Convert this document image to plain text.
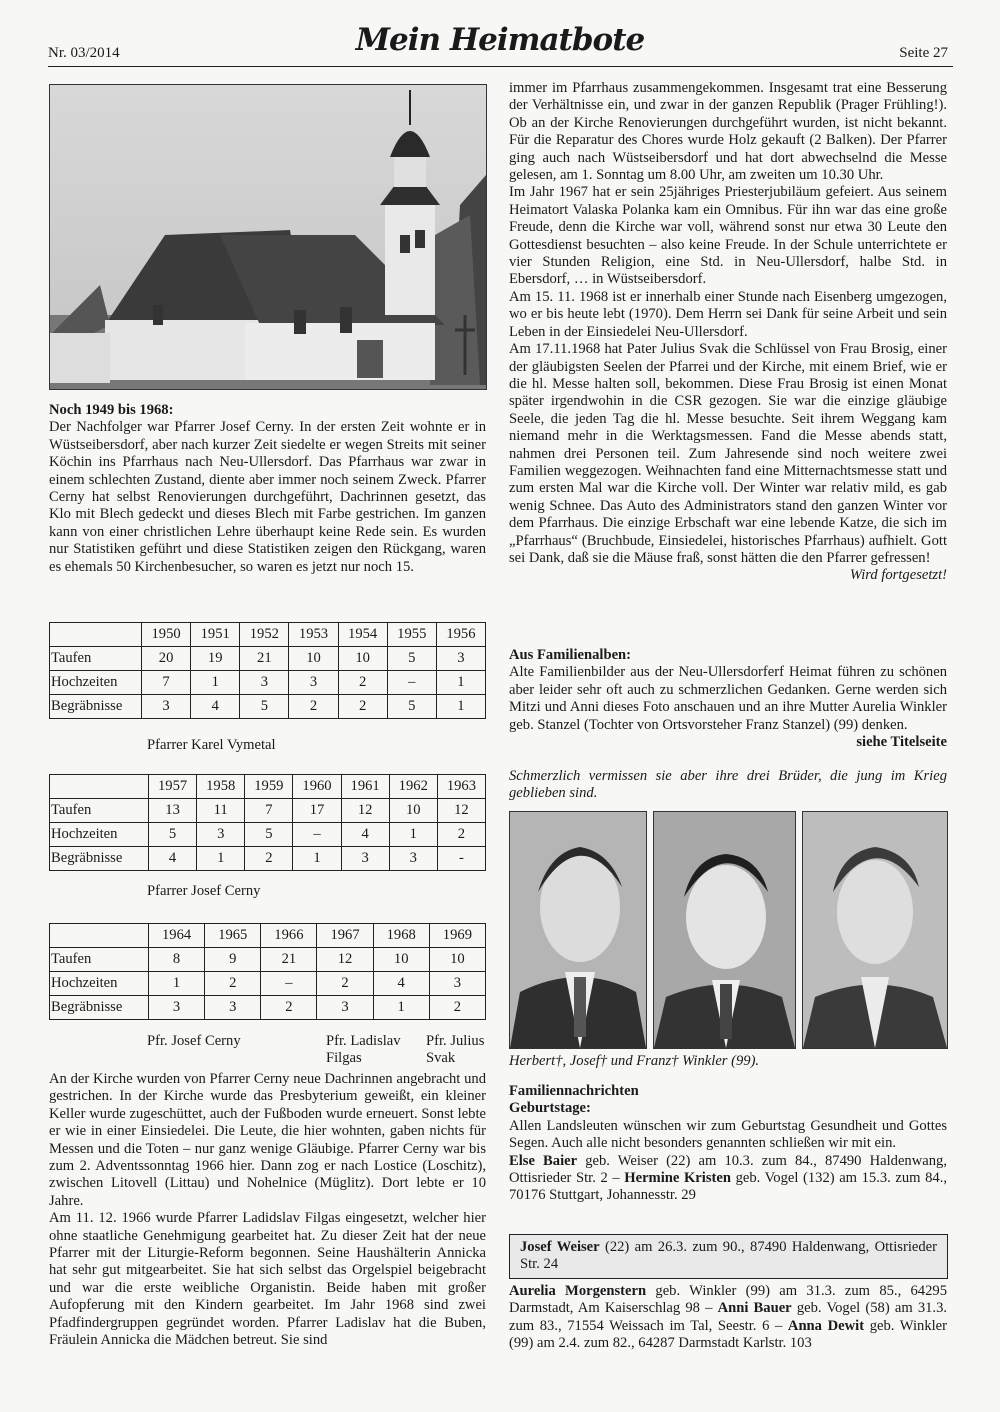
Nr. 03/2014	Mein Heimatbote	Seite 27
Noch 1949 bis 1968:

Der Nachfolger war Pfarrer Josef Cerny. In der ersten Zeit wohnte er in Wüstseibersdorf, aber nach kurzer Zeit siedelte er wegen Streits mit seiner Köchin ins Pfarrhaus nach Neu-Ullersdorf. Das Pfarrhaus war zwar in einem schlechten Zustand, diente aber immer noch seinem Zweck. Pfarrer Cerny hat selbst Renovierungen durchgeführt, Dachrinnen gesetzt, das Klo mit Blech gedeckt und dieses Blech mit Farbe gestrichen. Im ganzen kann von einer christlichen Lehre überhaupt keine Rede sein. Es wurden nur Statistiken geführt und diese Statistiken zeigen den Rückgang, waren es ehemals 50 Kirchenbesucher, so waren es jetzt nur noch 15.

	1950	1951	1952	1953	1954	1955	1956
Taufen	20	19	21	10	10	5	3
Hochzeiten	7	1	3	3	2	–	1
Begräbnisse	3	4	5	2	2	5	1
Pfarrer Karel Vymetal
	1957	1958	1959	1960	1961	1962	1963
Taufen	13	11	7	17	12	10	12
Hochzeiten	5	3	5	–	4	1	2
Begräbnisse	4	1	2	1	3	3	-
Pfarrer Josef Cerny
	1964	1965	1966	1967	1968	1969
Taufen	8	9	21	12	10	10
Hochzeiten	1	2	–	2	4	3
Begräbnisse	3	3	2	3	1	2
Pfr. Josef Cerny	Pfr. Ladislav
Filgas
Pfr. Julius
Svak

An der Kirche wurden von Pfarrer Cerny neue Dachrinnen angebracht und gestrichen. In der Kirche wurde das Presbyterium geweißt, ein kleiner Keller wurde zugeschüttet, auch der Fußboden wurde erneuert. Sonst lebte er wie in einer Einsiedelei. Die Leute, die hier wohnten, gaben nichts für Messen und die Toten – nur ganz wenige Gläubige. Pfarrer Cerny war bis zum 2. Adventssonntag 1966 hier. Dann zog er nach Lostice (Loschitz), zwischen Litovell (Littau) und Nohelnice (Müglitz). Dort lebte er 10 Jahre.

Am 11. 12. 1966 wurde Pfarrer Ladidslav Filgas eingesetzt, welcher hier ohne staatliche Genehmigung gearbeitet hat. Zu dieser Zeit hat der neue Pfarrer mit der Liturgie-Reform begonnen. Seine Haushälterin Annicka hat sehr gut mitgearbeitet. Sie hat sich selbst das Orgelspiel beigebracht und war die erste weibliche Organistin. Beide haben mit großer Aufopferung mit den Kindern gearbeitet. Im Jahr 1968 sind zwei Pfadfindergruppen gegründet worden. Pfarrer Ladislav hat die Buben, Fräulein Annicka die Mädchen betreut. Sie sind

immer im Pfarrhaus zusammengekommen. Insgesamt trat eine Besserung der Verhältnisse ein, und zwar in der ganzen Republik (Prager Frühling!). Ob an der Kirche Renovierungen durchgeführt wurden, ist nicht bekannt. Für die Reparatur des Chores wurde Holz gekauft (2 Balken). Der Pfarrer ging auch nach Wüstseibersdorf und hat dort abwechselnd die Messe gelesen, am 1. Sonntag um 8.00 Uhr, am zweiten um 10.30 Uhr.

Im Jahr 1967 hat er sein 25jähriges Priesterjubiläum gefeiert. Aus seinem Heimatort Valaska Polanka kam ein Omnibus. Für ihn war das eine große Freude, denn die Kirche war voll, während sonst nur etwa 30 Leute den Gottesdienst besuchten – also keine Freude. In der Schule unterrichtete er vier Stunden Religion, eine Std. in Neu-Ullersdorf, halbe Std. in Ebersdorf, … in Wüstseibersdorf.

Am 15. 11. 1968 ist er innerhalb einer Stunde nach Eisenberg umgezogen, wo er bis heute lebt (1970). Dem Herrn sei Dank für seine Arbeit und sein Leben in der Einsiedelei Neu-Ullersdorf.

Am 17.11.1968 hat Pater Julius Svak die Schlüssel von Frau Brosig, einer der gläubigsten Seelen der Pfarrei und der Kirche, mit einem Brief, wie er die hl. Messe halten soll, bekommen. Diese Frau Brosig ist einen Monat später irgendwohin in die CSR gezogen. Sie war die einzige gläubige Seele, die jeden Tag die hl. Messe besuchte. Seit ihrem Weggang kam niemand mehr in die Werktagsmessen. Fand die Messe abends statt, nahmen drei Personen teil. Zum Jahresende sind noch weitere zwei Familien weggezogen. Weihnachten fand eine Mitternachtsmesse statt und zum ersten Mal war die Kirche voll. Der Winter war relativ mild, es gab wenig Schnee. Das Auto des Administrators stand den ganzen Winter vor dem Pfarrhaus. Die einzige Erbschaft war eine lebende Katze, die sich im „Pfarrhaus“ (Bruchbude, Einsiedelei, historisches Pfarrhaus) aufhielt. Gott sei Dank, daß sie die Mäuse fraß, sonst hätten die den Pfarrer gefressen!

Wird fortgesetzt!

Aus Familienalben:

Alte Familienbilder aus der Neu-Ullersdorferf Heimat führen zu schönen aber leider sehr oft auch zu schmerzlichen Gedanken. Gerne werden sich Mitzi und Anni dieses Foto anschauen und an ihre Mutter Aurelia Winkler geb. Stanzel (Tochter von Ortsvorsteher Franz Stanzel) (99) denken.
siehe Titelseite

Schmerzlich vermissen sie aber ihre drei Brüder, die jung im Krieg geblieben sind.
Herbert†, Josef† und Franz† Winkler (99).
Familiennachrichten
Geburtstage:

Allen Landsleuten wünschen wir zum Geburtstag Gesundheit und Gottes Segen. Auch alle nicht besonders genannten schließen wir mit ein.

Else Baier geb. Weiser (22) am 10.3. zum 84., 87490 Haldenwang, Ottisrieder Str. 2 – Hermine Kristen geb. Vogel (132) am 15.3. zum 84., 70176 Stuttgart, Johannesstr. 29

Josef Weiser (22) am 26.3. zum 90., 87490 Haldenwang, Ottisrieder Str. 24

Aurelia Morgenstern geb. Winkler (99) am 31.3. zum 85., 64295 Darmstadt, Am Kaiserschlag 98 – Anni Bauer geb. Vogel (58) am 31.3. zum 83., 71554 Weissach im Tal, Seestr. 6 – Anna Dewit geb. Winkler (99) am 2.4. zum 82., 64287 Darmstadt Karlstr. 103
